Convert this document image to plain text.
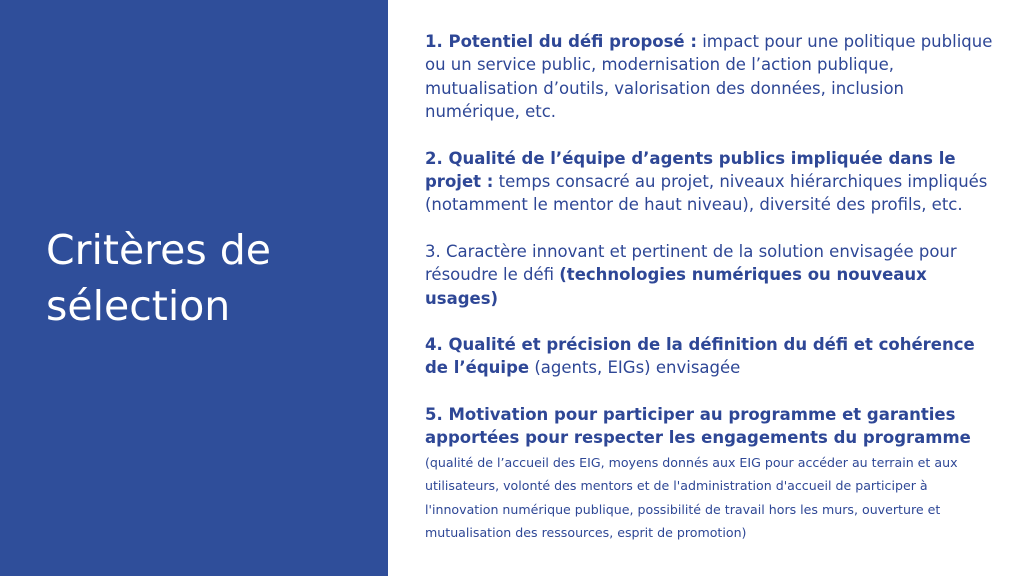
Critères de sélection

1. Potentiel du défi proposé : impact pour une politique publique ou un service public, modernisation de l’action publique, mutualisation d’outils, valorisation des données, inclusion numérique, etc.

2. Qualité de l’équipe d’agents publics impliquée dans le projet : temps consacré au projet, niveaux hiérarchiques impliqués (notamment le mentor de haut niveau), diversité des profils, etc.

3. Caractère innovant et pertinent de la solution envisagée pour résoudre le défi (technologies numériques ou nouveaux usages)

4. Qualité et précision de la définition du défi et cohérence de l’équipe (agents, EIGs) envisagée

5. Motivation pour participer au programme et garanties apportées pour respecter les engagements du programme (qualité de l’accueil des EIG, moyens donnés aux EIG pour accéder au terrain et aux utilisateurs, volonté des mentors et de l'administration d'accueil de participer à l'innovation numérique publique, possibilité de travail hors les murs, ouverture et mutualisation des ressources, esprit de promotion)
